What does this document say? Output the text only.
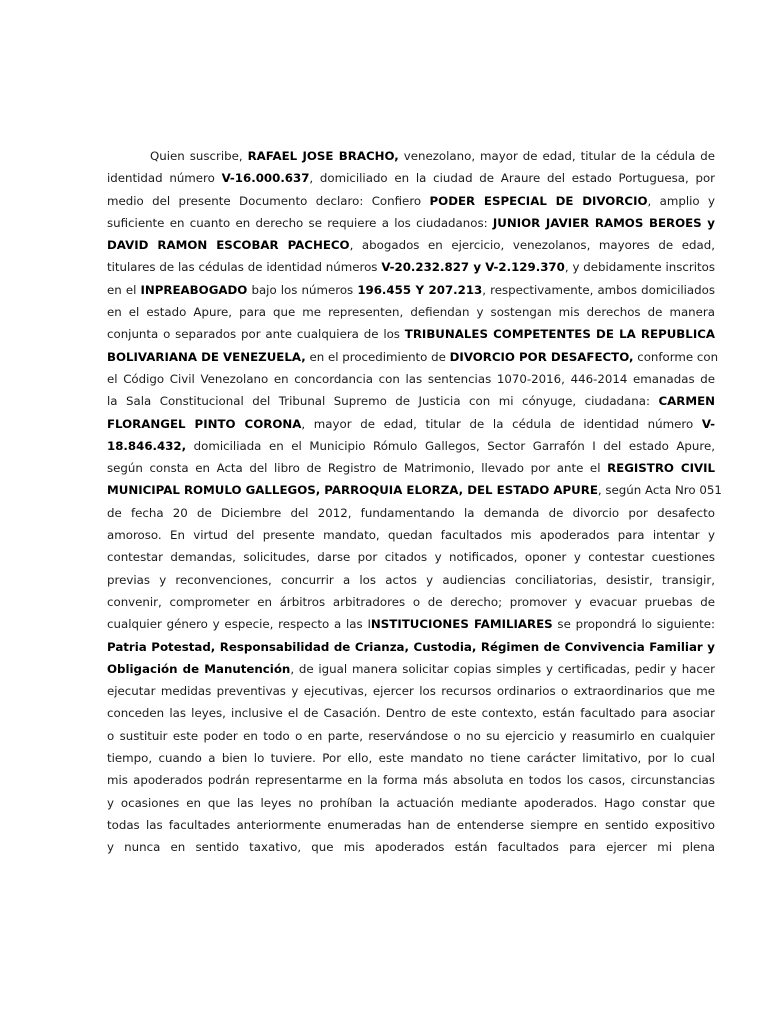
Quien suscribe, RAFAEL JOSE BRACHO, venezolano, mayor de edad, titular de la cédula de
identidad número V-16.000.637, domiciliado en la ciudad de Araure del estado Portuguesa, por
medio del presente Documento declaro: Confiero PODER ESPECIAL DE DIVORCIO, amplio y
suficiente en cuanto en derecho se requiere a los ciudadanos: JUNIOR JAVIER RAMOS BEROES y
DAVID RAMON ESCOBAR PACHECO, abogados en ejercicio, venezolanos, mayores de edad,
titulares de las cédulas de identidad números V-20.232.827 y V-2.129.370, y debidamente inscritos
en el INPREABOGADO bajo los números 196.455 Y 207.213, respectivamente, ambos domiciliados
en el estado Apure, para que me representen, defiendan y sostengan mis derechos de manera
conjunta o separados por ante cualquiera de los TRIBUNALES COMPETENTES DE LA REPUBLICA
BOLIVARIANA DE VENEZUELA, en el procedimiento de DIVORCIO POR DESAFECTO, conforme con
el Código Civil Venezolano en concordancia con las sentencias 1070-2016, 446-2014 emanadas de
la Sala Constitucional del Tribunal Supremo de Justicia con mi cónyuge, ciudadana: CARMEN
FLORANGEL PINTO CORONA, mayor de edad, titular de la cédula de identidad número V-
18.846.432, domiciliada en el Municipio Rómulo Gallegos, Sector Garrafón I del estado Apure,
según consta en Acta del libro de Registro de Matrimonio, llevado por ante el REGISTRO CIVIL
MUNICIPAL ROMULO GALLEGOS, PARROQUIA ELORZA, DEL ESTADO APURE, según Acta Nro 051
de fecha 20 de Diciembre del 2012, fundamentando la demanda de divorcio por desafecto
amoroso. En virtud del presente mandato, quedan facultados mis apoderados para intentar y
contestar demandas, solicitudes, darse por citados y notificados, oponer y contestar cuestiones
previas y reconvenciones, concurrir a los actos y audiencias conciliatorias, desistir, transigir,
convenir, comprometer en árbitros arbitradores o de derecho; promover y evacuar pruebas de
cualquier género y especie, respecto a las INSTITUCIONES FAMILIARES se propondrá lo siguiente:
Patria Potestad, Responsabilidad de Crianza, Custodia, Régimen de Convivencia Familiar y
Obligación de Manutención, de igual manera solicitar copias simples y certificadas, pedir y hacer
ejecutar medidas preventivas y ejecutivas, ejercer los recursos ordinarios o extraordinarios que me
conceden las leyes, inclusive el de Casación. Dentro de este contexto, están facultado para asociar
o sustituir este poder en todo o en parte, reservándose o no su ejercicio y reasumirlo en cualquier
tiempo, cuando a bien lo tuviere. Por ello, este mandato no tiene carácter limitativo, por lo cual
mis apoderados podrán representarme en la forma más absoluta en todos los casos, circunstancias
y ocasiones en que las leyes no prohíban la actuación mediante apoderados. Hago constar que
todas las facultades anteriormente enumeradas han de entenderse siempre en sentido expositivo
y nunca en sentido taxativo, que mis apoderados están facultados para ejercer mi plena
